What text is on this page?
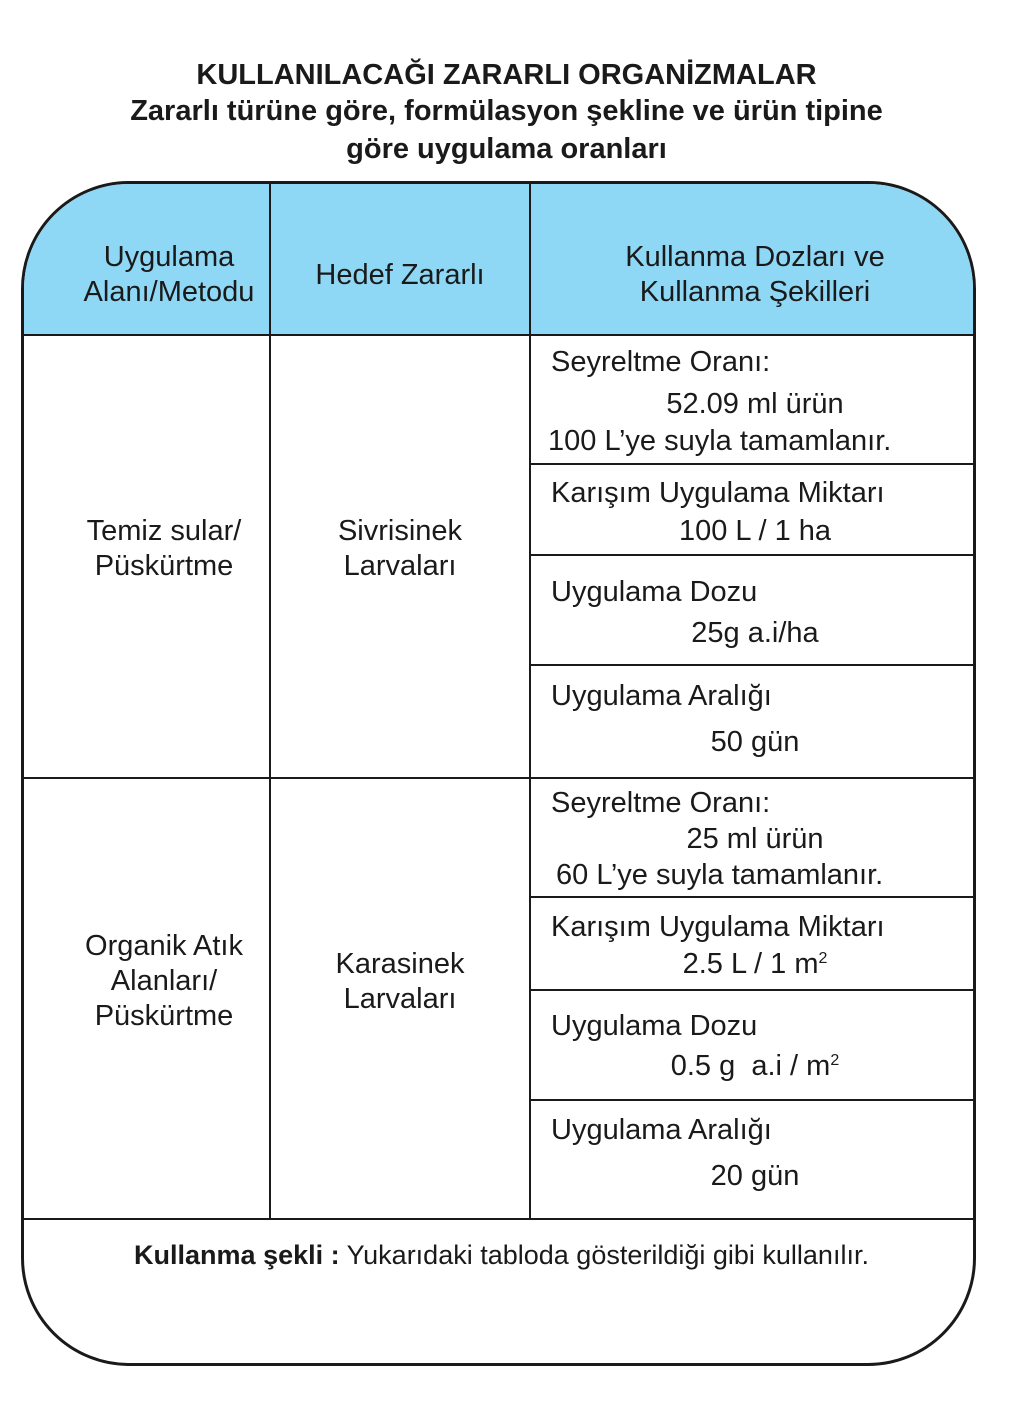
KULLANILACAĞI ZARARLI ORGANİZMALAR
Zararlı türüne göre, formülasyon şekline ve ürün tipine
göre uygulama oranları
Uygulama
Alanı/Metodu
Hedef Zararlı
Kullanma Dozları ve
Kullanma Şekilleri
Temiz sular/
Püskürtme
Sivrisinek
Larvaları
Seyreltme Oranı:
52.09 ml ürün
100 L’ye suyla tamamlanır.
Karışım Uygulama Miktarı
100 L / 1 ha
Uygulama Dozu
25g a.i/ha
Uygulama Aralığı
50 gün
Organik Atık
Alanları/
Püskürtme
Karasinek
Larvaları
Seyreltme Oranı:
25 ml ürün
60 L’ye suyla tamamlanır.
Karışım Uygulama Miktarı
2.5 L / 1 $m^2$
Uygulama Dozu
0.5 g  $a.i / m^2$
Uygulama Aralığı
20 gün
Kullanma şekli : Yukarıdaki tabloda gösterildiği gibi kullanılır.
